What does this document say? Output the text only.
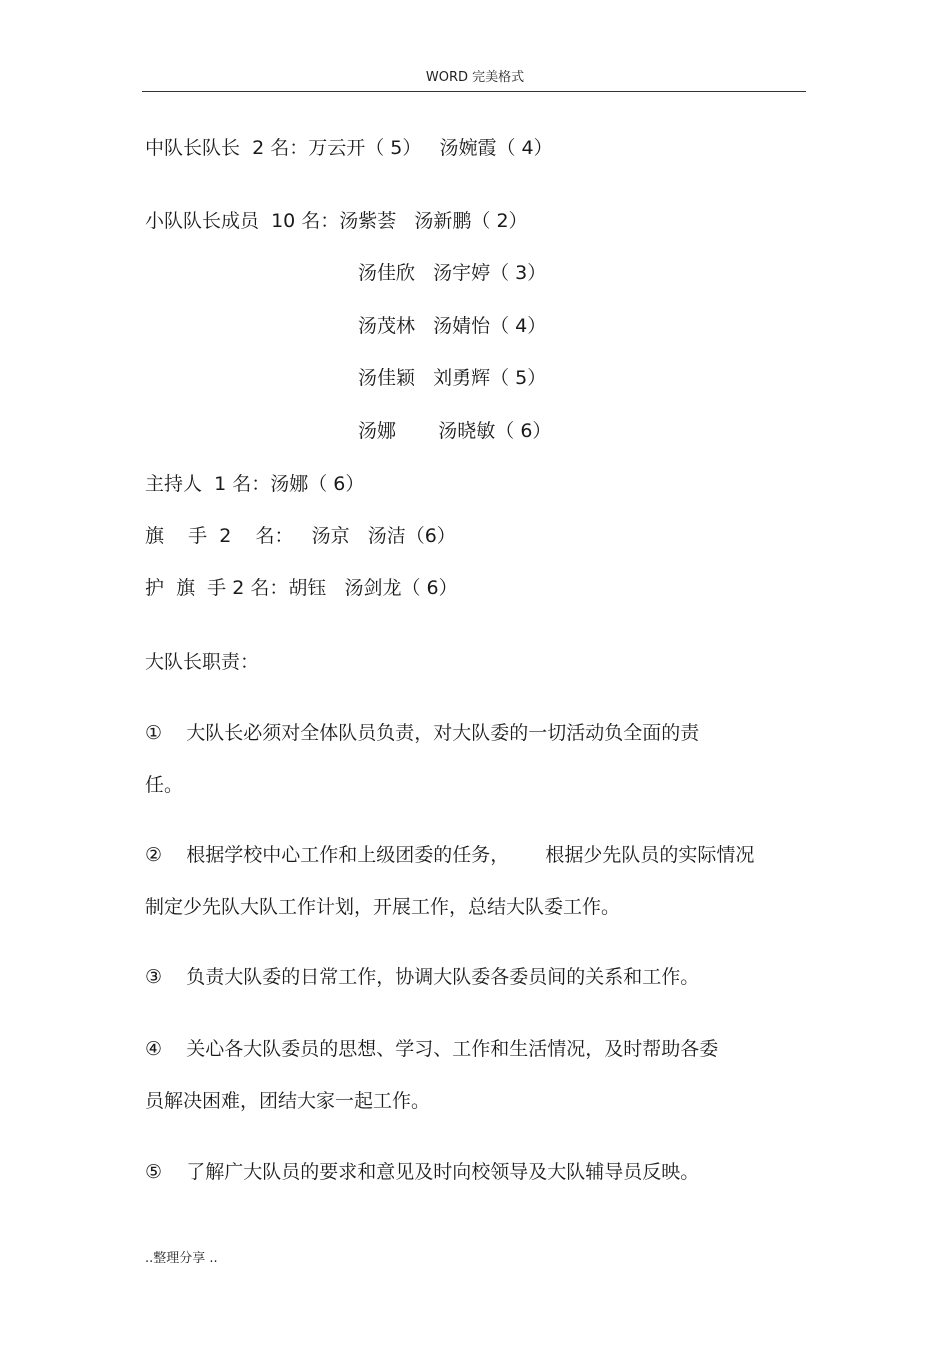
WORD 完美格式
中队长队长  2 名：万云开（ 5）   汤婉霞（ 4）
小队队长成员  10 名：汤紫荟   汤新鹏（ 2）
汤佳欣   汤宇婷（ 3）
汤茂林   汤婧怡（ 4）
汤佳颖   刘勇辉（ 5）
汤娜       汤晓敏（ 6）
主持人  1 名：汤娜（ 6）
旗    手  2    名：   汤京   汤洁（6）
护  旗  手 2 名：胡钰   汤剑龙（ 6）
大队长职责：
①    大队长必须对全体队员负责，对大队委的一切活动负全面的责
任。
②    根据学校中心工作和上级团委的任务，      根据少先队员的实际情况
制定少先队大队工作计划，开展工作，总结大队委工作。
③    负责大队委的日常工作，协调大队委各委员间的关系和工作。
④    关心各大队委员的思想、学习、工作和生活情况，及时帮助各委
员解决困难，团结大家一起工作。
⑤    了解广大队员的要求和意见及时向校领导及大队辅导员反映。
..整理分享 ..
